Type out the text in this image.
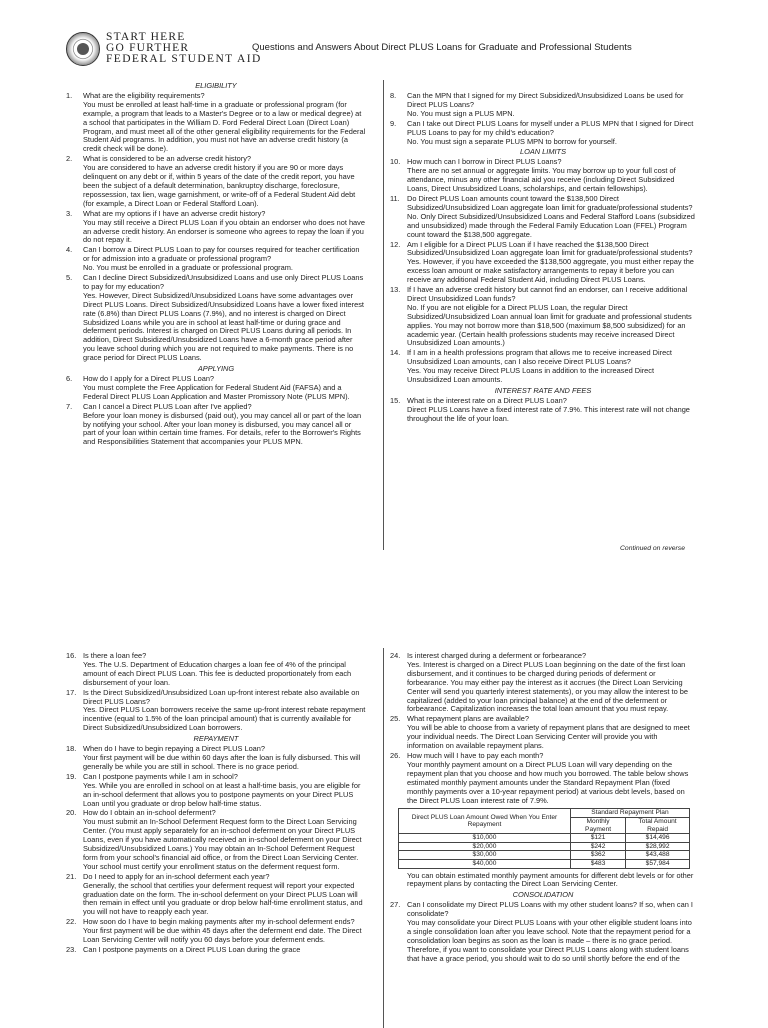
START HERE
GO FURTHER
FEDERAL STUDENT AID
Questions and Answers About Direct PLUS Loans for Graduate and Professional Students
ELIGIBILITY
1.	What are the eligibility requirements?

You must be enrolled at least half-time in a graduate or professional program (for example, a program that leads to a Master's Degree or to a law or medical degree) at a school that participates in the William D. Ford Federal Direct Loan (Direct Loan) Program, and must meet all of the other general eligibility requirements for the Federal Student Aid programs. In addition, you must not have an adverse credit history (a credit check will be done).

2.	What is considered to be an adverse credit history?

You are considered to have an adverse credit history if you are 90 or more days delinquent on any debt or if, within 5 years of the date of the credit report, you have been the subject of a default determination, bankruptcy discharge, foreclosure, repossession, tax lien, wage garnishment, or write-off of a Federal Student Aid debt (for example, a Direct Loan or Federal Stafford Loan).

3.	What are my options if I have an adverse credit history?

You may still receive a Direct PLUS Loan if you obtain an endorser who does not have an adverse credit history. An endorser is someone who agrees to repay the loan if you do not repay it.

4.	Can I borrow a Direct PLUS Loan to pay for courses required for teacher certification or for admission into a graduate or professional program?

No. You must be enrolled in a graduate or professional program.

5.	Can I decline Direct Subsidized/Unsubsidized Loans and use only Direct PLUS Loans to pay for my education?

Yes. However, Direct Subsidized/Unsubsidized Loans have some advantages over Direct PLUS Loans. Direct Subsidized/Unsubsidized Loans have a lower fixed interest rate (6.8%) than Direct PLUS Loans (7.9%), and no interest is charged on Direct Subsidized Loans while you are in school at least half-time or during grace and deferment periods. Interest is charged on Direct PLUS Loans during all periods. In addition, Direct Subsidized/Unsubsidized Loans have a 6-month grace period after you leave school during which you are not required to make payments. There is no grace period for Direct PLUS Loans.

APPLYING
6.	How do I apply for a Direct PLUS Loan?

You must complete the Free Application for Federal Student Aid (FAFSA) and a Federal Direct PLUS Loan Application and Master Promissory Note (PLUS MPN).

7.	Can I cancel a Direct PLUS Loan after I've applied?

Before your loan money is disbursed (paid out), you may cancel all or part of the loan by notifying your school. After your loan money is disbursed, you may cancel all or part of your loan within certain time frames. For details, refer to the Borrower's Rights and Responsibilities Statement that accompanies your PLUS MPN.

8.	Can the MPN that I signed for my Direct Subsidized/Unsubsidized Loans be used for Direct PLUS Loans?

No. You must sign a PLUS MPN.

9.	Can I take out Direct PLUS Loans for myself under a PLUS MPN that I signed for Direct PLUS Loans to pay for my child's education?

No. You must sign a separate PLUS MPN to borrow for yourself.

LOAN LIMITS
10. How much can I borrow in Direct PLUS Loans?

There are no set annual or aggregate limits. You may borrow up to your full cost of attendance, minus any other financial aid you receive (including Direct Subsidized Loans, Direct Unsubsidized Loans, scholarships, and certain fellowships).

11. Do Direct PLUS Loan amounts count toward the $138,500 Direct Subsidized/Unsubsidized Loan aggregate loan limit for graduate/professional students?

No. Only Direct Subsidized/Unsubsidized Loans and Federal Stafford Loans (subsidized and unsubsidized) made through the Federal Family Education Loan (FFEL) Program count toward the $138,500 aggregate.

12. Am I eligible for a Direct PLUS Loan if I have reached the $138,500 Direct Subsidized/Unsubsidized Loan aggregate loan limit for graduate/professional students?

Yes. However, if you have exceeded the $138,500 aggregate, you must either repay the excess loan amount or make satisfactory arrangements to repay it before you can receive any additional Federal Student Aid, including Direct PLUS Loans.

13. If I have an adverse credit history but cannot find an endorser, can I receive additional Direct Unsubsidized Loan funds?

No. If you are not eligible for a Direct PLUS Loan, the regular Direct Subsidized/Unsubsidized Loan annual loan limit for graduate and professional students applies. You may not borrow more than $18,500 (maximum $8,500 subsidized) for an academic year. (Certain health professions students may receive increased Direct Unsubsidized Loan amounts.)

14. If I am in a health professions program that allows me to receive increased Direct Unsubsidized Loan amounts, can I also receive Direct PLUS Loans?

Yes. You may receive Direct PLUS Loans in addition to the increased Direct Unsubsidized Loan amounts.

INTEREST RATE AND FEES
15. What is the interest rate on a Direct PLUS Loan?

Direct PLUS Loans have a fixed interest rate of 7.9%. This interest rate will not change throughout the life of your loan.

Continued on reverse
16. Is there a loan fee?

Yes. The U.S. Department of Education charges a loan fee of 4% of the principal amount of each Direct PLUS Loan. This fee is deducted proportionately from each disbursement of your loan.

17. Is the Direct Subsidized/Unsubsidized Loan up-front interest rebate also available on Direct PLUS Loans?

Yes. Direct PLUS Loan borrowers receive the same up-front interest rebate repayment incentive (equal to 1.5% of the loan principal amount) that is currently available for Direct Subsidized/Unsubsidized Loan borrowers.

REPAYMENT
18. When do I have to begin repaying a Direct PLUS Loan?

Your first payment will be due within 60 days after the loan is fully disbursed. This will generally be while you are still in school. There is no grace period.

19. Can I postpone payments while I am in school?

Yes. While you are enrolled in school on at least a half-time basis, you are eligible for an in-school deferment that allows you to postpone payments on your Direct PLUS Loan until you graduate or drop below half-time status.

20. How do I obtain an in-school deferment?

You must submit an In-School Deferment Request form to the Direct Loan Servicing Center. (You must apply separately for an in-school deferment on your Direct PLUS Loans, even if you have automatically received an in-school deferment on your Direct Subsidized/Unsubsidized Loans.) You may obtain an In-School Deferment Request form from your school's financial aid office, or from the Direct Loan Servicing Center. Your school must certify your enrollment status on the deferment request form.

21. Do I need to apply for an in-school deferment each year?

Generally, the school that certifies your deferment request will report your expected graduation date on the form. The in-school deferment on your Direct PLUS Loan will then remain in effect until you graduate or drop below half-time enrollment status, and you will not have to reapply each year.

22. How soon do I have to begin making payments after my in-school deferment ends?

Your first payment will be due within 45 days after the deferment end date. The Direct Loan Servicing Center will notify you 60 days before your deferment ends.

23. Can I postpone payments on a Direct PLUS Loan during the grace

24. Is interest charged during a deferment or forbearance?

Yes. Interest is charged on a Direct PLUS Loan beginning on the date of the first loan disbursement, and it continues to be charged during periods of deferment or forbearance. You may either pay the interest as it accrues (the Direct Loan Servicing Center will send you quarterly interest statements), or you may allow the interest to be capitalized (added to your loan principal balance) at the end of the deferment or forbearance. Capitalization increases the total loan amount that you must repay.

25. What repayment plans are available?

You will be able to choose from a variety of repayment plans that are designed to meet your individual needs. The Direct Loan Servicing Center will provide you with information on available repayment plans.

26. How much will I have to pay each month?

Your monthly payment amount on a Direct PLUS Loan will vary depending on the repayment plan that you choose and how much you borrowed. The table below shows estimated monthly payment amounts under the Standard Repayment Plan (fixed monthly payments over a 10-year repayment period) at various debt levels, based on the Direct PLUS Loan interest rate of 7.9%.

Direct PLUS Loan Amount Owed When You Enter Repayment	Standard Repayment Plan	
	Monthly Payment	Total Amount Repaid
$10,000	$121	$14,496
$20,000	$242	$28,992
$30,000	$362	$43,488
$40,000	$483	$57,984
You can obtain estimated monthly payment amounts for different debt levels or for other repayment plans by contacting the Direct Loan Servicing Center.
CONSOLIDATION
27. Can I consolidate my Direct PLUS Loans with my other student loans? If so, when can I consolidate?

You may consolidate your Direct PLUS Loans with your other eligible student loans into a single consolidation loan after you leave school. Note that the repayment period for a consolidation loan begins as soon as the loan is made – there is no grace period. Therefore, if you want to consolidate your Direct PLUS Loans along with student loans that have a grace period, you should wait to do so until shortly before the end of the
